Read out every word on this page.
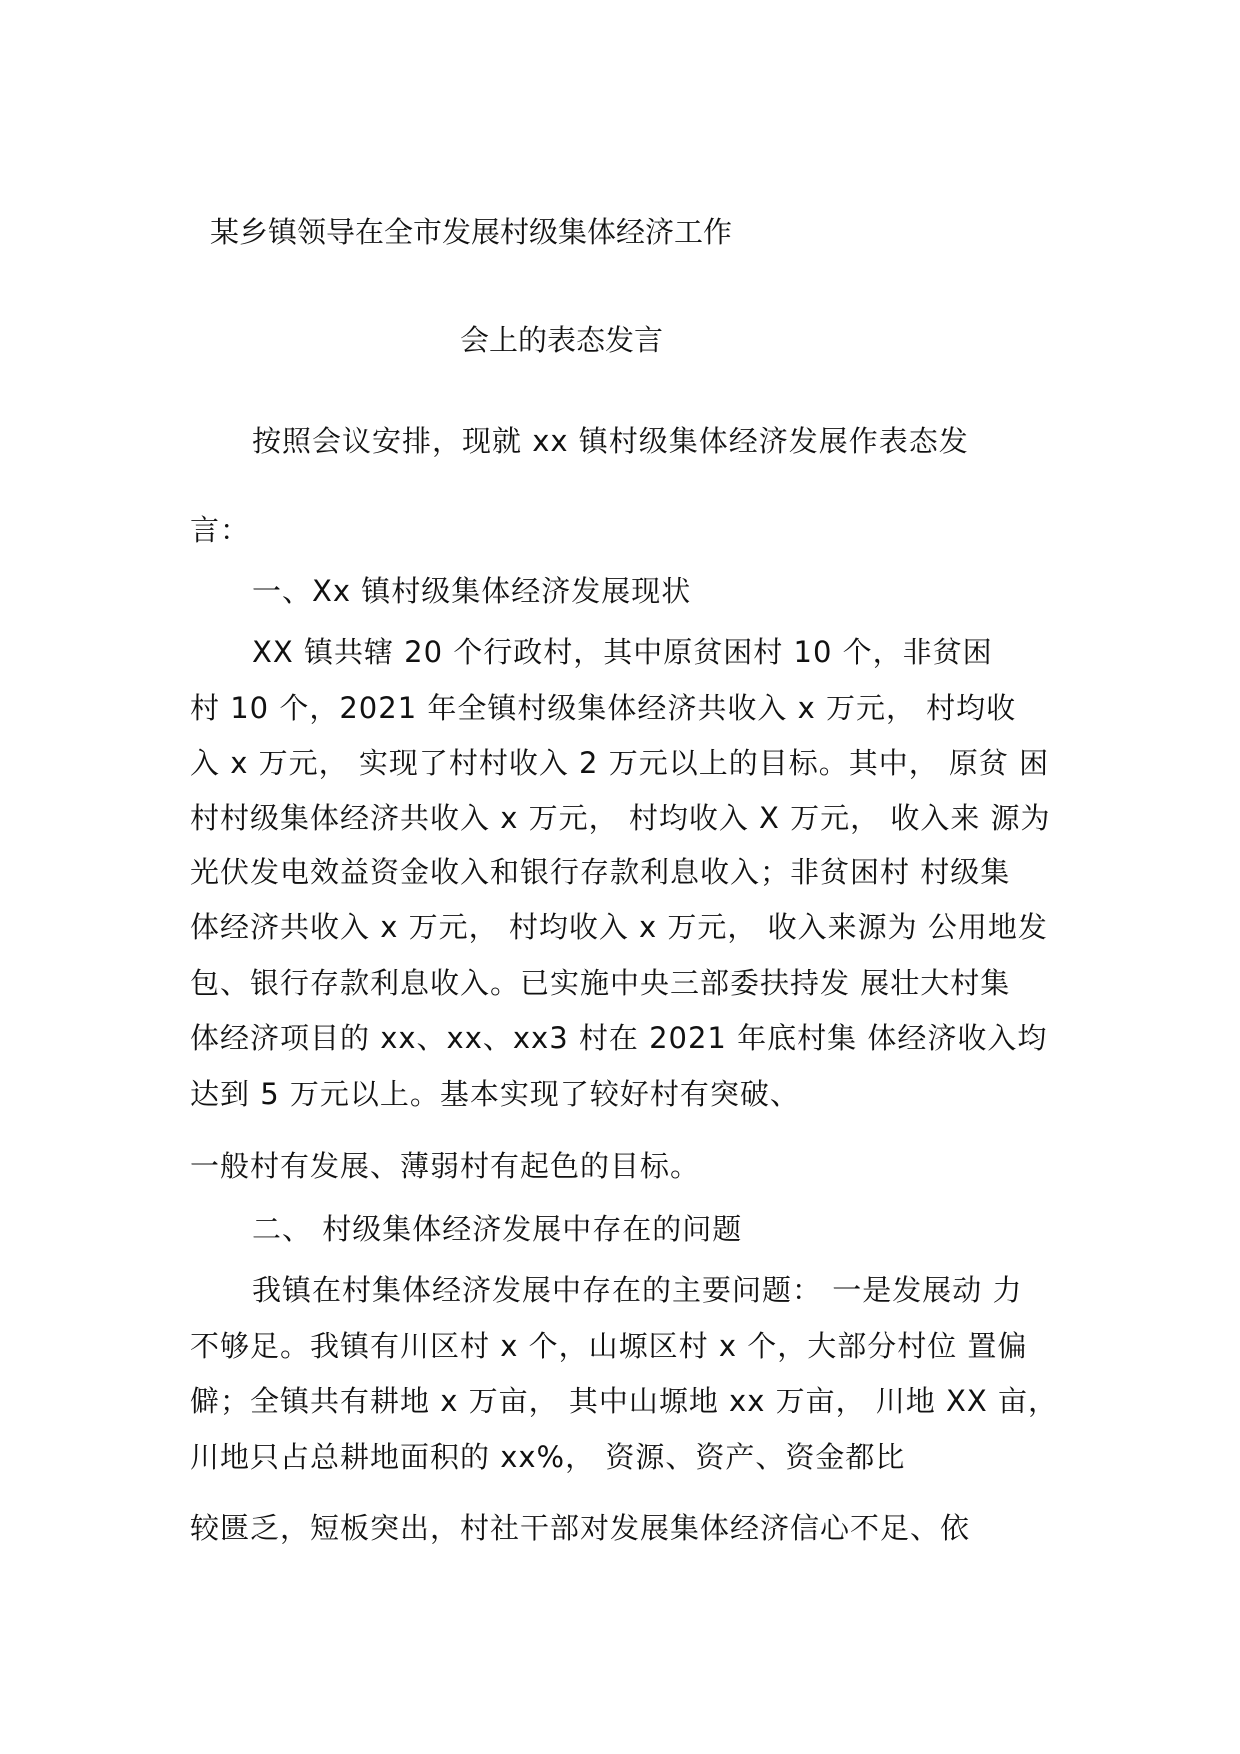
某乡镇领导在全市发展村级集体经济工作
会上的表态发言
按照会议安排，现就 xx 镇村级集体经济发展作表态发
言：
一、Xx 镇村级集体经济发展现状
XX 镇共辖 20 个行政村，其中原贫困村 10 个，非贫困
村 10 个，2021 年全镇村级集体经济共收入 x 万元， 村均收
入 x 万元， 实现了村村收入 2 万元以上的目标。其中， 原贫 困
村村级集体经济共收入 x 万元， 村均收入 X 万元， 收入来 源为
光伏发电效益资金收入和银行存款利息收入；非贫困村 村级集
体经济共收入 x 万元， 村均收入 x 万元， 收入来源为 公用地发
包、银行存款利息收入。已实施中央三部委扶持发 展壮大村集
体经济项目的 xx、xx、xx3 村在 2021 年底村集 体经济收入均
达到 5 万元以上。基本实现了较好村有突破、
一般村有发展、薄弱村有起色的目标。
二、 村级集体经济发展中存在的问题
我镇在村集体经济发展中存在的主要问题： 一是发展动 力
不够足。我镇有川区村 x 个，山塬区村 x 个，大部分村位 置偏
僻；全镇共有耕地 x 万亩， 其中山塬地 xx 万亩， 川地 XX 亩，
川地只占总耕地面积的 xx%， 资源、资产、资金都比
较匮乏，短板突出，村社干部对发展集体经济信心不足、依
